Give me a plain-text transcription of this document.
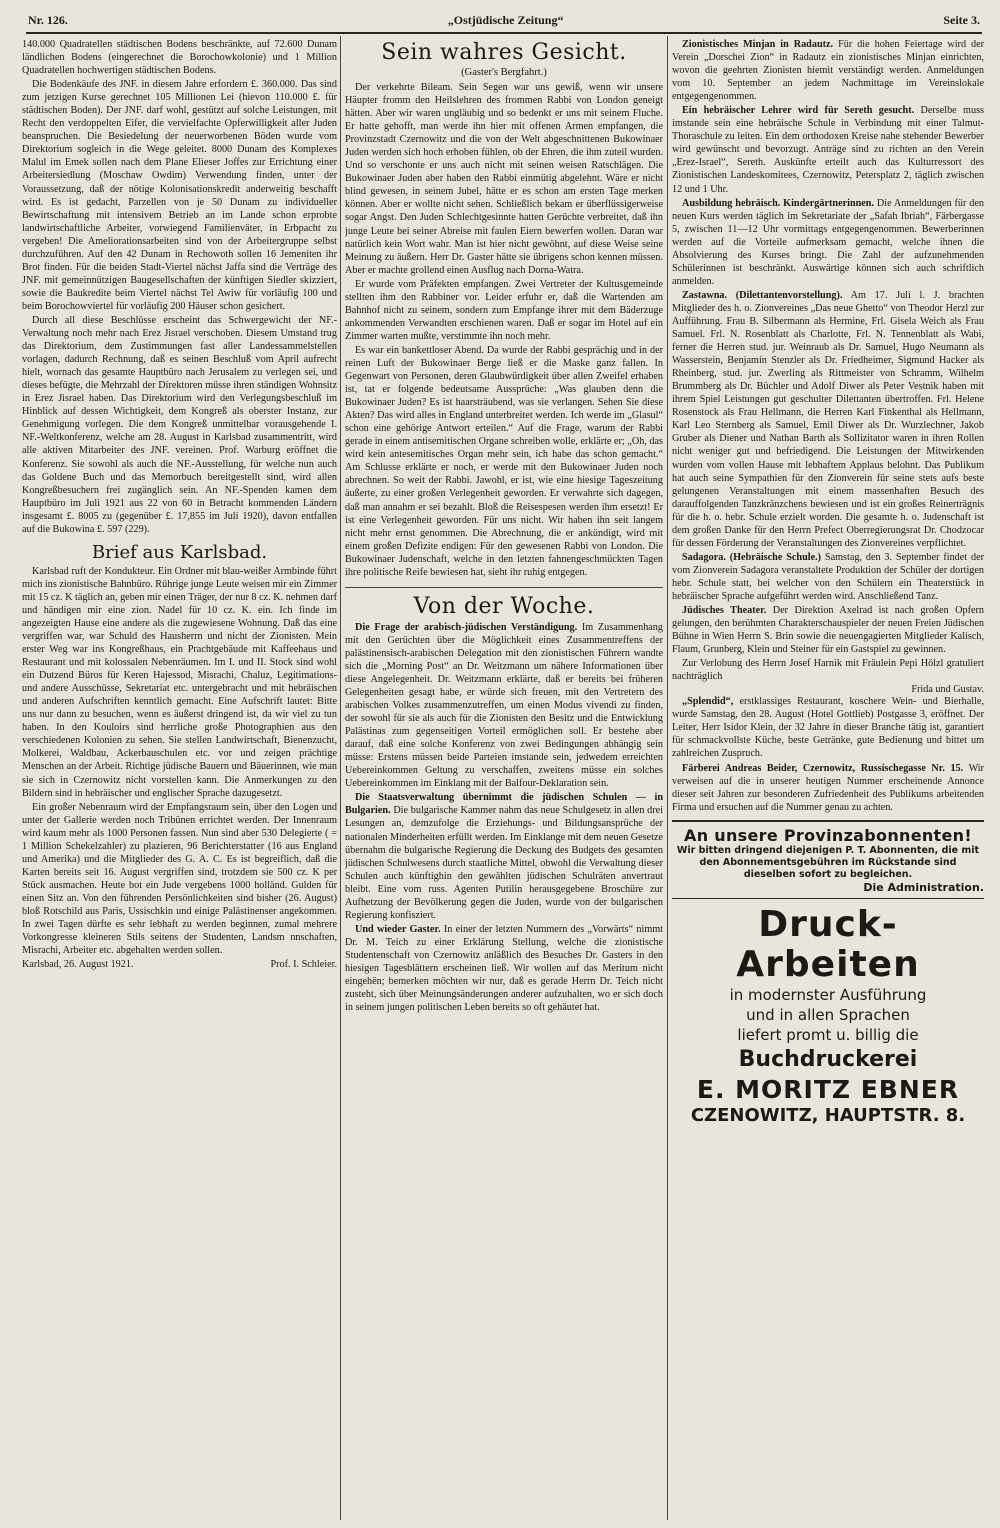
Nr. 126.	„Ostjüdische Zeitung“	Seite 3.

140.000 Quadratellen städtischen Bodens beschränkte, auf 72.600 Dunam ländlichen Bodens (eingerechnet die Borochowkolonie) und 1 Million Quadratellen hochwertigen städtischen Bodens.

Die Bodenkäufe des JNF. in diesem Jahre erfordern £. 360.000. Das sind zum jetzigen Kurse gerechnet 105 Millionen Lei (hievon 110.000 £. für städtischen Boden). Der JNF. darf wohl, gestützt auf solche Leistungen, mit Recht den verdoppelten Eifer, die vervielfachte Opferwilligkeit aller Juden beanspruchen. Die Besiedelung der neuerworbenen Böden wurde vom Direktorium sogleich in die Wege geleitet. 8000 Dunam des Komplexes Malul im Emek sollen nach dem Plane Elieser Joffes zur Errichtung einer Arbeitersiedlung (Moschaw Owdim) Verwendung finden, unter der Voraussetzung, daß der nötige Kolonisationskredit anderweitig beschafft wird. Es ist gedacht, Parzellen von je 50 Dunam zu individueller Bewirtschaftung mit intensivem Betrieb an im Lande schon erprobte landwirtschaftliche Arbeiter, vorwiegend Familienväter, in Erbpacht zu vergeben! Die Ameliorationsarbeiten sind von der Arbeitergruppe selbst durchzuführen. Auf den 42 Dunam in Rechowoth sollen 16 Jemeniten ihr Brot finden. Für die beiden Stadt-Viertel nächst Jaffa sind die Verträge des JNF. mit gemeinnützigen Baugesellschaften der künftigen Siedler skizziert, sowie die Baukredite beim Viertel nächst Tel Awiw für vorläufig 100 und beim Borochowviertel für vorläufig 200 Häuser schon gesichert.

Durch all diese Beschlüsse erscheint das Schwergewicht der NF.-Verwaltung noch mehr nach Erez Jisrael verschoben. Diesem Umstand trug das Direktorium, dem Zustimmungen fast aller Landessammelstellen vorlagen, dadurch Rechnung, daß es seinen Beschluß vom April aufrecht hielt, wornach das gesamte Hauptbüro nach Jerusalem zu verlegen sei, und dieses befügte, die Mehrzahl der Direktoren müsse ihren ständigen Wohnsitz in Erez Jisrael haben. Das Direktorium wird den Verlegungsbeschluß im Hinblick auf dessen Wichtigkeit, dem Kongreß als oberster Instanz, zur Genehmigung vorlegen. Die dem Kongreß unmittelbar vorausgehende I. NF.-Weltkonferenz, welche am 28. August in Karlsbad zusammentritt, wird alle aktiven Mitarbeiter des JNF. vereinen. Prof. Warburg eröffnet die Konferenz. Sie sowohl als auch die NF.-Ausstellung, für welche nun auch das Goldene Buch und das Memorbuch bereitgestellt sind, wird allen Kongreßbesuchern frei zugänglich sein. An NF.-Spenden kamen dem Hauptbüro im Juli 1921 aus 22 von 60 in Betracht kommenden Ländern insgesamt £. 8005 zu (gegenüber £. 17,855 im Juli 1920), davon entfallen auf die Bukowina £. 597 (229).

Brief aus Karlsbad.

Karlsbad ruft der Kondukteur. Ein Ordner mit blau-weißer Armbinde führt mich ins zionistische Bahnbüro. Rührige junge Leute weisen mir ein Zimmer mit 15 cz. K täglich an, geben mir einen Träger, der nur 8 cz. K. nehmen darf und händigen mir eine zion. Nadel für 10 cz. K. ein. Ich finde im angezeigten Hause eine andere als die zugewiesene Wohnung. Daß das eine vergriffen war, war Schuld des Hausherrn und nicht der Zionisten. Mein erster Weg war ins Kongreßhaus, ein Prachtgebäude mit Kaffeehaus und Restaurant und mit kolossalen Nebenräumen. Im I. und II. Stock sind wohl ein Dutzend Büros für Keren Hajessod, Misrachi, Chaluz, Legitimations- und andere Ausschüsse, Sekretariat etc. untergebracht und mit hebräischen und anderen Aufschriften kenntlich gemacht. Eine Aufschrift lautet: Bitte uns nur dann zu besuchen, wenn es äußerst dringend ist, da wir viel zu tun haben. In den Kouloirs sind herrliche große Photographien aus den verschiedenen Kolonien zu sehen. Sie stellen Landwirtschaft, Bienenzucht, Molkerei, Waldbau, Ackerbauschulen etc. vor und zeigen prächtige Menschen an der Arbeit. Richtige jüdische Bauern und Bäuerinnen, wie man sie sich in Czernowitz nicht vorstellen kann. Die Anmerkungen zu den Bildern sind in hebräischer und englischer Sprache dazugesetzt.

Ein großer Nebenraum wird der Empfangsraum sein, über den Logen und unter der Gallerie werden noch Tribünen errichtet werden. Der Innenraum wird kaum mehr als 1000 Personen fassen. Nun sind aber 530 Delegierte ( = 1 Million Schekelzahler) zu plazieren, 96 Berichterstatter (16 aus England und Amerika) und die Mitglieder des G. A. C. Es ist begreiflich, daß die Karten bereits seit 16. August vergriffen sind, trotzdem sie 500 cz. K per Stück ausmachen. Heute bot ein Jude vergebens 1000 holländ. Gulden für einen Sitz an. Von den führenden Persönlichkeiten sind bisher (26. August) bloß Rotschild aus Paris, Ussischkin und einige Palästinenser angekommen. In zwei Tagen dürfte es sehr lebhaft zu werden beginnen, zumal mehrere Vorkongresse kleineren Stils seitens der Studenten, Landsm nnschaften, Misrachi, Arbeiter etc. abgehalten werden sollen.

Karlsbad, 26. August 1921.	Prof. I. Schleier.
Sein wahres Gesicht.
(Gaster's Bergfahrt.)

Der verkehrte Bileam. Sein Segen war uns gewiß, wenn wir unsere Häupter fromm den Heilslehren des frommen Rabbi von London geneigt hätten. Aber wir waren ungläubig und so bedenkt er uns mit seinem Fluche. Er hatte gehofft, man werde ihn hier mit offenen Armen empfangen, die Provinzstadt Czernowitz und die von der Welt abgeschnittenen Bukowinaer Juden werden sich hoch erhoben fühlen, ob der Ehren, die ihm zuteil wurden. Und so verschonte er uns auch nicht mit seinen weisen Ratschlägen. Die Bukowinaer Juden aber haben den Rabbi einmütig abgelehnt. Wäre er nicht blind gewesen, in seinem Jubel, hätte er es schon am ersten Tage merken können. Aber er wollte nicht sehen. Schließlich bekam er überflüssigerweise sogar Angst. Den Juden Schlechtgesinnte hatten Gerüchte verbreitet, daß ihn junge Leute bei seiner Abreise mit faulen Eiern bewerfen wollen. Daran war natürlich kein Wort wahr. Man ist hier nicht gewöhnt, auf diese Weise seine Meinung zu äußern. Herr Dr. Gaster hätte sie übrigens schon kennen müssen. Aber er machte grollend einen Ausflug nach Dorna-Watra.

Er wurde vom Präfekten empfangen. Zwei Vertreter der Kultusgemeinde stellten ihm den Rabbiner vor. Leider erfuhr er, daß die Wartenden am Bahnhof nicht zu seinem, sondern zum Empfange ihrer mit dem Bäderzuge ankommenden Verwandten erschienen waren. Daß er sogar im Hotel auf ein Zimmer warten mußte, verstimmte ihn noch mehr.

Es war ein bankettloser Abend. Da wurde der Rabbi gesprächig und in der reinen Luft der Bukowinaer Berge ließ er die Maske ganz fallen. In Gegenwart von Personen, deren Glaubwürdigkeit über allen Zweifel erhaben ist, tat er folgende bedeutsame Aussprüche: „Was glauben denn die Bukowinaer Juden? Es ist haarsträubend, was sie verlangen. Sehen Sie diese Akten? Das wird alles in England unterbreitet werden. Ich werde im „Glasul“ schon eine gehörige Antwort erteilen.“ Auf die Frage, warum der Rabbi gerade in einem antisemitischen Organe schreiben wolle, erklärte er; „Oh, das wird kein antesemitisches Organ mehr sein, ich habe das schon gemacht.“ Am Schlusse erklärte er noch, er werde mit den Bukowinaer Juden noch abrechnen. So weit der Rabbi. Jawohl, er ist, wie eine hiesige Tageszeitung äußerte, zu einer großen Verlegenheit geworden. Er verwahrte sich dagegen, daß man annahm er sei bezahlt. Bloß die Reisespesen werden ihm ersetzt! Er ist eine Verlegenheit geworden. Für uns nicht. Wir haben ihn seit langem nicht mehr ernst genommen. Die Abrechnung, die er ankündigt, wird mit einem großen Defizite endigen: Für den gewesenen Rabbi von London. Die Bukowinaer Judenschaft, welche in den letzten fahnengeschmückten Tagen ihre politische Reife bewiesen hat, sieht ihr ruhig entgegen.

Von der Woche.

Die Frage der arabisch-jüdischen Verständigung. Im Zusammenhang mit den Gerüchten über die Möglichkeit eines Zusammentreffens der palästinensisch-arabischen Delegation mit den zionistischen Führern wandte sich die „Morning Post“ an Dr. Weitzmann um nähere Informationen über diese Angelegenheit. Dr. Weitzmann erklärte, daß er bereits bei früheren Gelegenheiten gesagt habe, er würde sich freuen, mit den Vertretern des arabischen Volkes zusammenzutreffen, um einen Modus vivendi zu finden, der sowohl für sie als auch für die Zionisten den Besitz und die Entwicklung Palästinas zum gegenseitigen Vorteil ermöglichen soll. Er bestehe aber darauf, daß eine solche Konferenz von zwei Bedingungen abhängig sein müsse: Erstens müssen beide Parteien imstande sein, jedwedem erreichten Uebereinkommen Geltung zu verschaffen, zweitens müsse ein solches Uebereinkommen im Einklang mit der Balfour-Deklaration sein.

Die Staatsverwaltung übernimmt die jüdischen Schulen — in Bulgarien. Die bulgarische Kammer nahm das neue Schulgesetz in allen drei Lesungen an, demzufolge die Erziehungs- und Bildungsansprüche der nationalen Minderheiten erfüllt werden. Im Einklange mit dem neuen Gesetze übernahm die bulgarische Regierung die Deckung des Budgets des gesamten jüdischen Schulwesens durch staatliche Mittel, obwohl die Verwaltung dieser Schulen auch künftighin den gewählten jüdischen Schulräten anvertraut bleibt. Eine vom russ. Agenten Putilin herausgegebene Broschüre zur Aufhetzung der Bevölkerung gegen die Juden, wurde von der bulgarischen Regierung konfisziert.

Und wieder Gaster. In einer der letzten Nummern des „Vorwärts“ nimmt Dr. M. Teich zu einer Erklärung Stellung, welche die zionistische Studentenschaft von Czernowitz anläßlich des Besuches Dr. Gasters in den hiesigen Tagesblättern erscheinen ließ. Wir wollen auf das Meritum nicht eingehën; bemerken möchten wir nur, daß es gerade Herrn Dr. Teich nicht zusteht, sich über Meinungsänderungen anderer aufzuhalten, wo er sich doch in seinem jungen politischen Leben bereits so oft gehäutet hat.

Zionistisches Minjan in Radautz. Für die hohen Feiertage wird der Verein „Dorschei Zion“ in Radautz ein zionistisches Minjan einrichten, wovon die geehrten Zionisten hiemit verständigt werden. Anmeldungen vom 10. September an jedem Nachmittage im Vereinslokale entgegengenommen.

Ein hebräischer Lehrer wird für Sereth gesucht. Derselbe muss imstande sein eine hebräische Schule in Verbindung mit einer Talmut-Thoraschule zu leiten. Ein dem orthodoxen Kreise nahe stehender Bewerber wird gewünscht und bevorzugt. Anträge sind zu richten an den Verein „Erez-Israel“, Sereth. Auskünfte erteilt auch das Kulturressort des Zionistischen Landeskomitees, Czernowitz, Petersplatz 2, täglich zwischen 12 und 1 Uhr.

Ausbildung hebräisch. Kindergärtnerinnen. Die Anmeldungen für den neuen Kurs werden täglich im Sekretariate der „Safah Ibriah“, Färbergasse 5, zwischen 11—12 Uhr vormittags entgegengenommen. Bewerberinnen werden auf die Vorteile aufmerksam gemacht, welche ihnen die Absolvierung des Kurses bringt. Die Zahl der aufzunehmenden Schülerinnen ist beschränkt. Auswärtige können sich auch schriftlich anmelden.

Zastawna. (Dilettantenvorstellung). Am 17. Juli l. J. brachten Mitglieder des h. o. Zionvereines „Das neue Ghetto“ von Theodor Herzl zur Aufführung. Frau B. Silbermann als Hermine, Frl. Gisela Weich als Frau Samuel. Frl. N. Rosenblatt als Charlotte, Frl. N. Tennenblatt als Wabi, ferner die Herren stud. jur. Weinraub als Dr. Samuel, Hugo Neumann als Wasserstein, Benjamin Stenzler als Dr. Friedheimer, Sigmund Hacker als Rheinberg, stud. jur. Zwerling als Rittmeister von Schramm, Wilhelm Brummberg als Dr. Büchler und Adolf Diwer als Peter Vestnik haben mit ihrem Spiel Leistungen gut geschulter Dilettanten übertroffen. Frl. Helene Rosenstock als Frau Hellmann, die Herren Karl Finkenthal als Hellmann, Karl Leo Sternberg als Samuel, Emil Diwer als Dr. Wurzlechner, Jakob Gruber als Diener und Nathan Barth als Sollizitator waren in ihren Rollen nicht weniger gut und befriedigend. Die Leistungen der Mitwirkenden wurden vom vollen Hause mit lebhaftem Applaus belohnt. Das Publikum hat auch seine Sympathien für den Zionverein für seine stets aufs beste gelungenen Veranstaltungen mit einem massenhaften Besuch des darauffolgenden Tanzkränzchens bewiesen und ist ein großes Reinerträgnis für die h. o. hebr. Schule erzielt worden. Die gesamte h. o. Judenschaft ist dem großen Danke für den Herrn Prefect Oberregierungsrat Dr. Chodzocar für dessen Förderung der Veranstaltungen des Zionvereines verpflichtet.

Sadagora. (Hebräische Schule.) Samstag, den 3. September findet der vom Zionverein Sadagora veranstaltete Produktion der Schüler der dortigen hebr. Schule statt, bei welcher von den Schülern ein Theaterstück in hebräischer Sprache aufgeführt werden wird. Anschließend Tanz.

Jüdisches Theater. Der Direktion Axelrad ist nach großen Opfern gelungen, den berühmten Charakterschauspieler der neuen Freien Jüdischen Bühne in Wien Herrn S. Brin sowie die neuengagierten Mitglieder Kalisch, Flaum, Grunberg, Klein und Steiner für ein Gastspiel zu gewinnen.

Zur Verlobung des Herrn Josef Harnik mit Fräulein Pepi Hölzl gratuliert nachträglich

Frida und Gustav.

„Splendid“, erstklassiges Restaurant, koschere Wein- und Bierhalle, wurde Samstag, den 28. August (Hotel Gottlieb) Postgasse 3, eröffnet. Der Leiter, Herr Isidor Klein, der 32 Jahre in dieser Branche tätig ist, garantiert für schmackvollste Küche, beste Getränke, gute Bedienung und bittet um zahlreichen Zuspruch.

Färberei Andreas Beider, Czernowitz, Russischegasse Nr. 15. Wir verweisen auf die in unserer heutigen Nummer erscheinende Annonce dieser seit Jahren zur besonderen Zufriedenheit des Publikums arbeitenden Firma und ersuchen auf die Nummer genau zu achten.

An unsere Provinzabonnenten!
Wir bitten dringend diejenigen P. T. Abonnenten, die mit den Abonnementsgebühren im Rückstande sind dieselben sofort zu begleichen.
Die Administration.
Druck-Arbeiten
in modernster Ausführung
und in allen Sprachen
liefert promt u. billig die
Buchdruckerei
E. MORITZ EBNER
CZENOWITZ, HAUPTSTR. 8.
